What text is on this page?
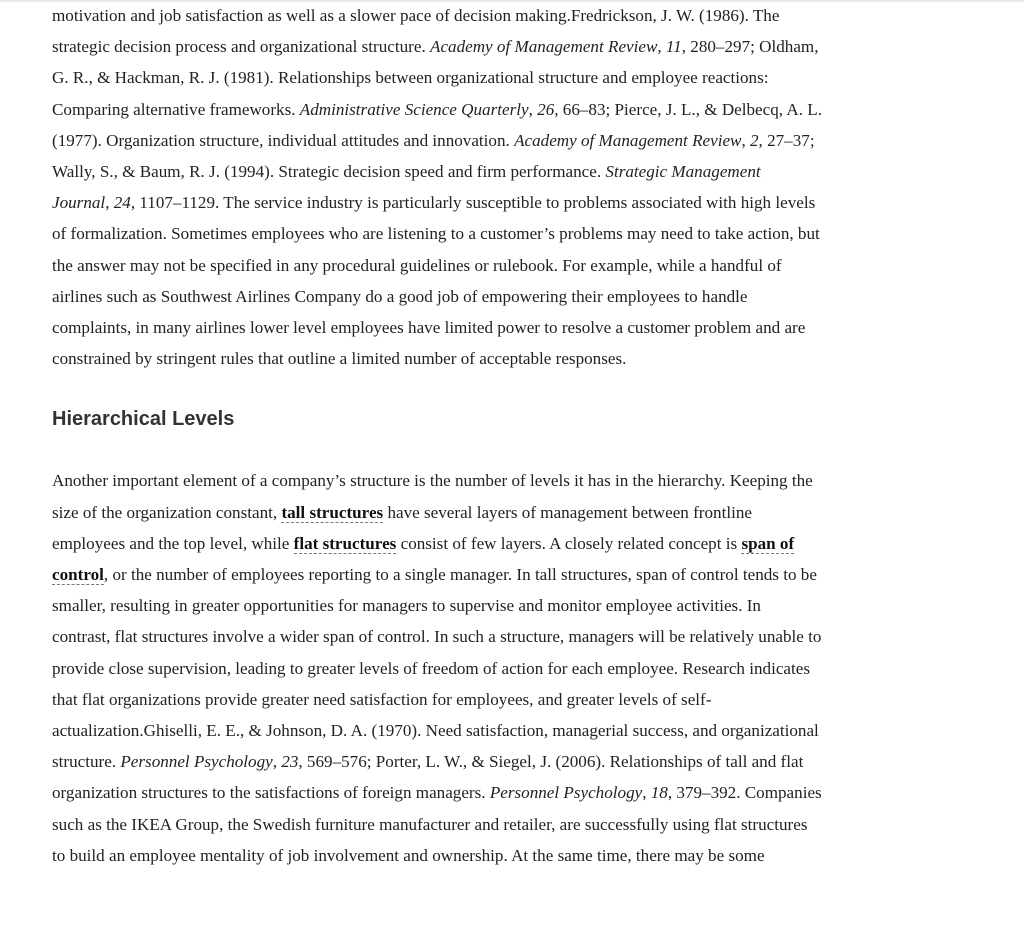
motivation and job satisfaction as well as a slower pace of decision making.Fredrickson, J. W. (1986). The strategic decision process and organizational structure. Academy of Management Review, 11, 280–297; Oldham, G. R., & Hackman, R. J. (1981). Relationships between organizational structure and employee reactions: Comparing alternative frameworks. Administrative Science Quarterly, 26, 66–83; Pierce, J. L., & Delbecq, A. L. (1977). Organization structure, individual attitudes and innovation. Academy of Management Review, 2, 27–37; Wally, S., & Baum, R. J. (1994). Strategic decision speed and firm performance. Strategic Management Journal, 24, 1107–1129. The service industry is particularly susceptible to problems associated with high levels of formalization. Sometimes employees who are listening to a customer’s problems may need to take action, but the answer may not be specified in any procedural guidelines or rulebook. For example, while a handful of airlines such as Southwest Airlines Company do a good job of empowering their employees to handle complaints, in many airlines lower level employees have limited power to resolve a customer problem and are constrained by stringent rules that outline a limited number of acceptable responses.

Hierarchical Levels

Another important element of a company’s structure is the number of levels it has in the hierarchy. Keeping the size of the organization constant, tall structures have several layers of management between frontline employees and the top level, while flat structures consist of few layers. A closely related concept is span of control, or the number of employees reporting to a single manager. In tall structures, span of control tends to be smaller, resulting in greater opportunities for managers to supervise and monitor employee activities. In contrast, flat structures involve a wider span of control. In such a structure, managers will be relatively unable to provide close supervision, leading to greater levels of freedom of action for each employee. Research indicates that flat organizations provide greater need satisfaction for employees, and greater levels of self-actualization.Ghiselli, E. E., & Johnson, D. A. (1970). Need satisfaction, managerial success, and organizational structure. Personnel Psychology, 23, 569–576; Porter, L. W., & Siegel, J. (2006). Relationships of tall and flat organization structures to the satisfactions of foreign managers. Personnel Psychology, 18, 379–392. Companies such as the IKEA Group, the Swedish furniture manufacturer and retailer, are successfully using flat structures to build an employee mentality of job involvement and ownership. At the same time, there may be some
